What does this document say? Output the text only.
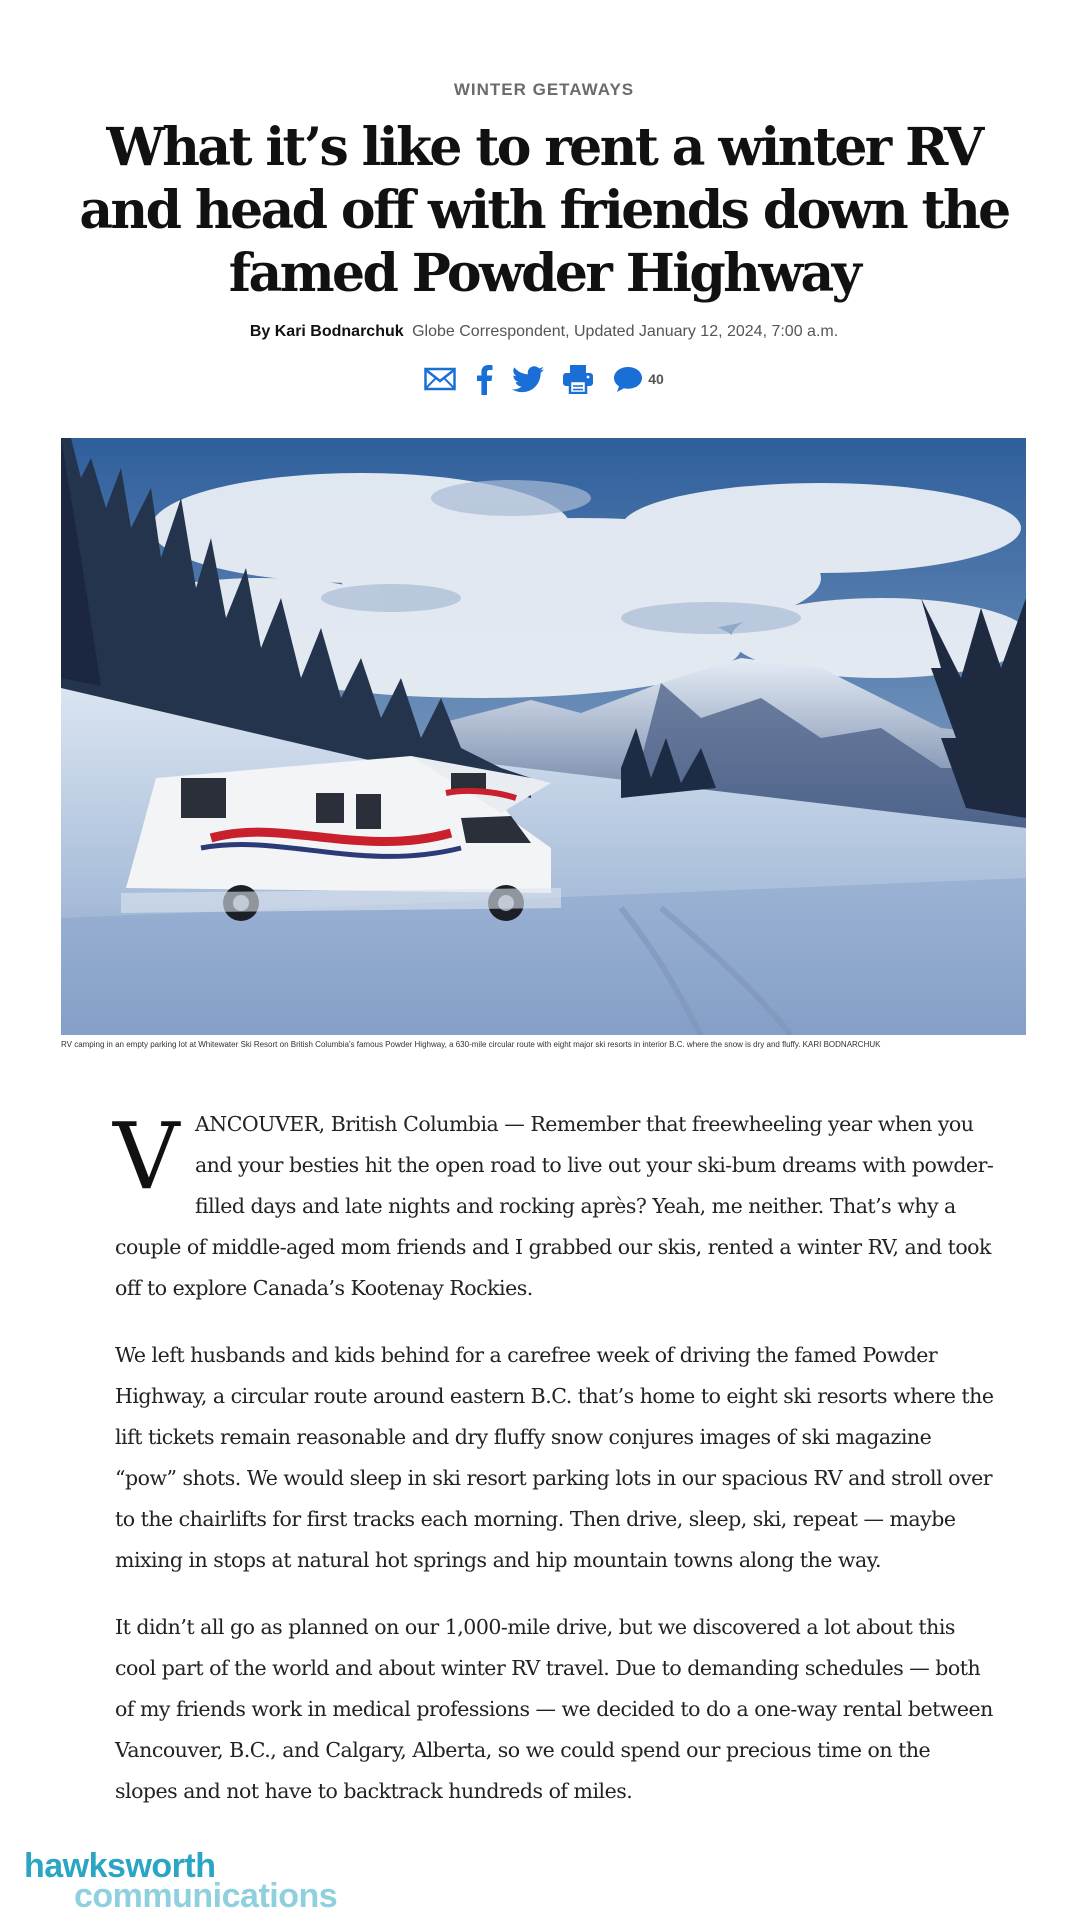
WINTER GETAWAYS
What it’s like to rent a winter RV and head off with friends down the famed Powder Highway
By Kari Bodnarchuk Globe Correspondent, Updated January 12, 2024, 7:00 a.m.
40
RV camping in an empty parking lot at Whitewater Ski Resort on British Columbia's famous Powder Highway, a 630-mile circular route with eight major ski resorts in interior B.C. where the snow is dry and fluffy. KARI BODNARCHUK

VANCOUVER, British Columbia — Remember that freewheeling year when you and your besties hit the open road to live out your ski-bum dreams with powder-filled days and late nights and rocking après? Yeah, me neither. That’s why a couple of middle-aged mom friends and I grabbed our skis, rented a winter RV, and took off to explore Canada’s Kootenay Rockies.

We left husbands and kids behind for a carefree week of driving the famed Powder Highway, a circular route around eastern B.C. that’s home to eight ski resorts where the lift tickets remain reasonable and dry fluffy snow conjures images of ski magazine “pow” shots. We would sleep in ski resort parking lots in our spacious RV and stroll over to the chairlifts for first tracks each morning. Then drive, sleep, ski, repeat — maybe mixing in stops at natural hot springs and hip mountain towns along the way.

It didn’t all go as planned on our 1,000-mile drive, but we discovered a lot about this cool part of the world and about winter RV travel. Due to demanding schedules — both of my friends work in medical professions — we decided to do a one-way rental between Vancouver, B.C., and Calgary, Alberta, so we could spend our precious time on the slopes and not have to backtrack hundreds of miles.

hawksworth
communications
